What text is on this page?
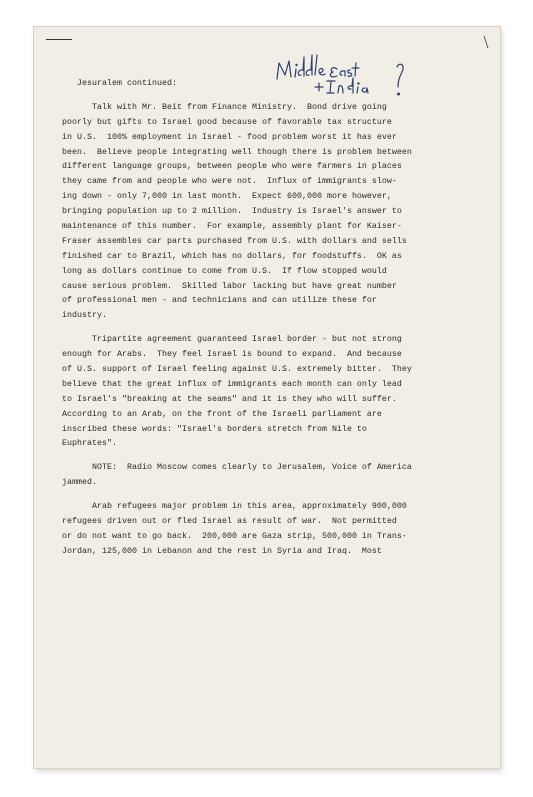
Jesuralem continued:
Talk with Mr. Beit from Finance Ministry.  Bond drive going
poorly but gifts to Israel good because of favorable tax structure
in U.S.  100% employment in Israel - food problem worst it has ever
been.  Believe people integrating well though there is problem between
different language groups, between people who were farmers in places
they came from and people who were not.  Influx of immigrants slow-
ing down - only 7,000 in last month.  Expect 600,000 more however,
bringing population up to 2 million.  Industry is Israel's answer to
maintenance of this number.  For example, assembly plant for Kaiser-
Fraser assembles car parts purchased from U.S. with dollars and sells
finished car to Brazil, which has no dollars, for foodstuffs.  OK as
long as dollars continue to come from U.S.  If flow stopped would
cause serious problem.  Skilled labor lacking but have great number
of professional men - and technicians and can utilize these for
industry.
Tripartite agreement guaranteed Israel border - but not strong
enough for Arabs.  They feel Israel is bound to expand.  And because
of U.S. support of Israel feeling against U.S. extremely bitter.  They
believe that the great influx of immigrants each month can only lead
to Israel's "breaking at the seams" and it is they who will suffer.
According to an Arab, on the front of the Israeli parliament are
inscribed these words: "Israel's borders stretch from Nile to
Euphrates".
NOTE:  Radio Moscow comes clearly to Jerusalem, Voice of America
jammed.
Arab refugees major problem in this area, approximately 900,000
refugees driven out or fled Israel as result of war.  Not permitted
or do not want to go back.  200,000 are Gaza strip, 500,000 in Trans-
Jordan, 125,000 in Lebanon and the rest in Syria and Iraq.  Most
